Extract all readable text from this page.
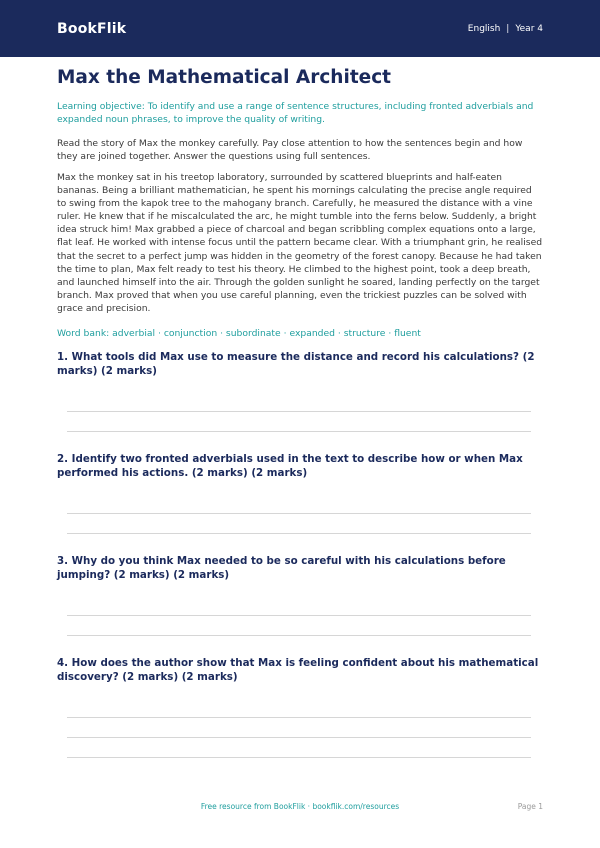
BookFlik	English | Year 4
Max the Mathematical Architect

Learning objective: To identify and use a range of sentence structures, including fronted adverbials and expanded noun phrases, to improve the quality of writing.

Read the story of Max the monkey carefully. Pay close attention to how the sentences begin and how they are joined together. Answer the questions using full sentences.

Max the monkey sat in his treetop laboratory, surrounded by scattered blueprints and half-eaten bananas. Being a brilliant mathematician, he spent his mornings calculating the precise angle required to swing from the kapok tree to the mahogany branch. Carefully, he measured the distance with a vine ruler. He knew that if he miscalculated the arc, he might tumble into the ferns below. Suddenly, a bright idea struck him! Max grabbed a piece of charcoal and began scribbling complex equations onto a large, flat leaf. He worked with intense focus until the pattern became clear. With a triumphant grin, he realised that the secret to a perfect jump was hidden in the geometry of the forest canopy. Because he had taken the time to plan, Max felt ready to test his theory. He climbed to the highest point, took a deep breath, and launched himself into the air. Through the golden sunlight he soared, landing perfectly on the target branch. Max proved that when you use careful planning, even the trickiest puzzles can be solved with grace and precision.

Word bank: adverbial · conjunction · subordinate · expanded · structure · fluent

1. What tools did Max use to measure the distance and record his calculations? (2 marks) (2 marks)

2. Identify two fronted adverbials used in the text to describe how or when Max performed his actions. (2 marks) (2 marks)

3. Why do you think Max needed to be so careful with his calculations before jumping? (2 marks) (2 marks)

4. How does the author show that Max is feeling confident about his mathematical discovery? (2 marks) (2 marks)

Free resource from BookFlik · bookflik.com/resources	Page 1
